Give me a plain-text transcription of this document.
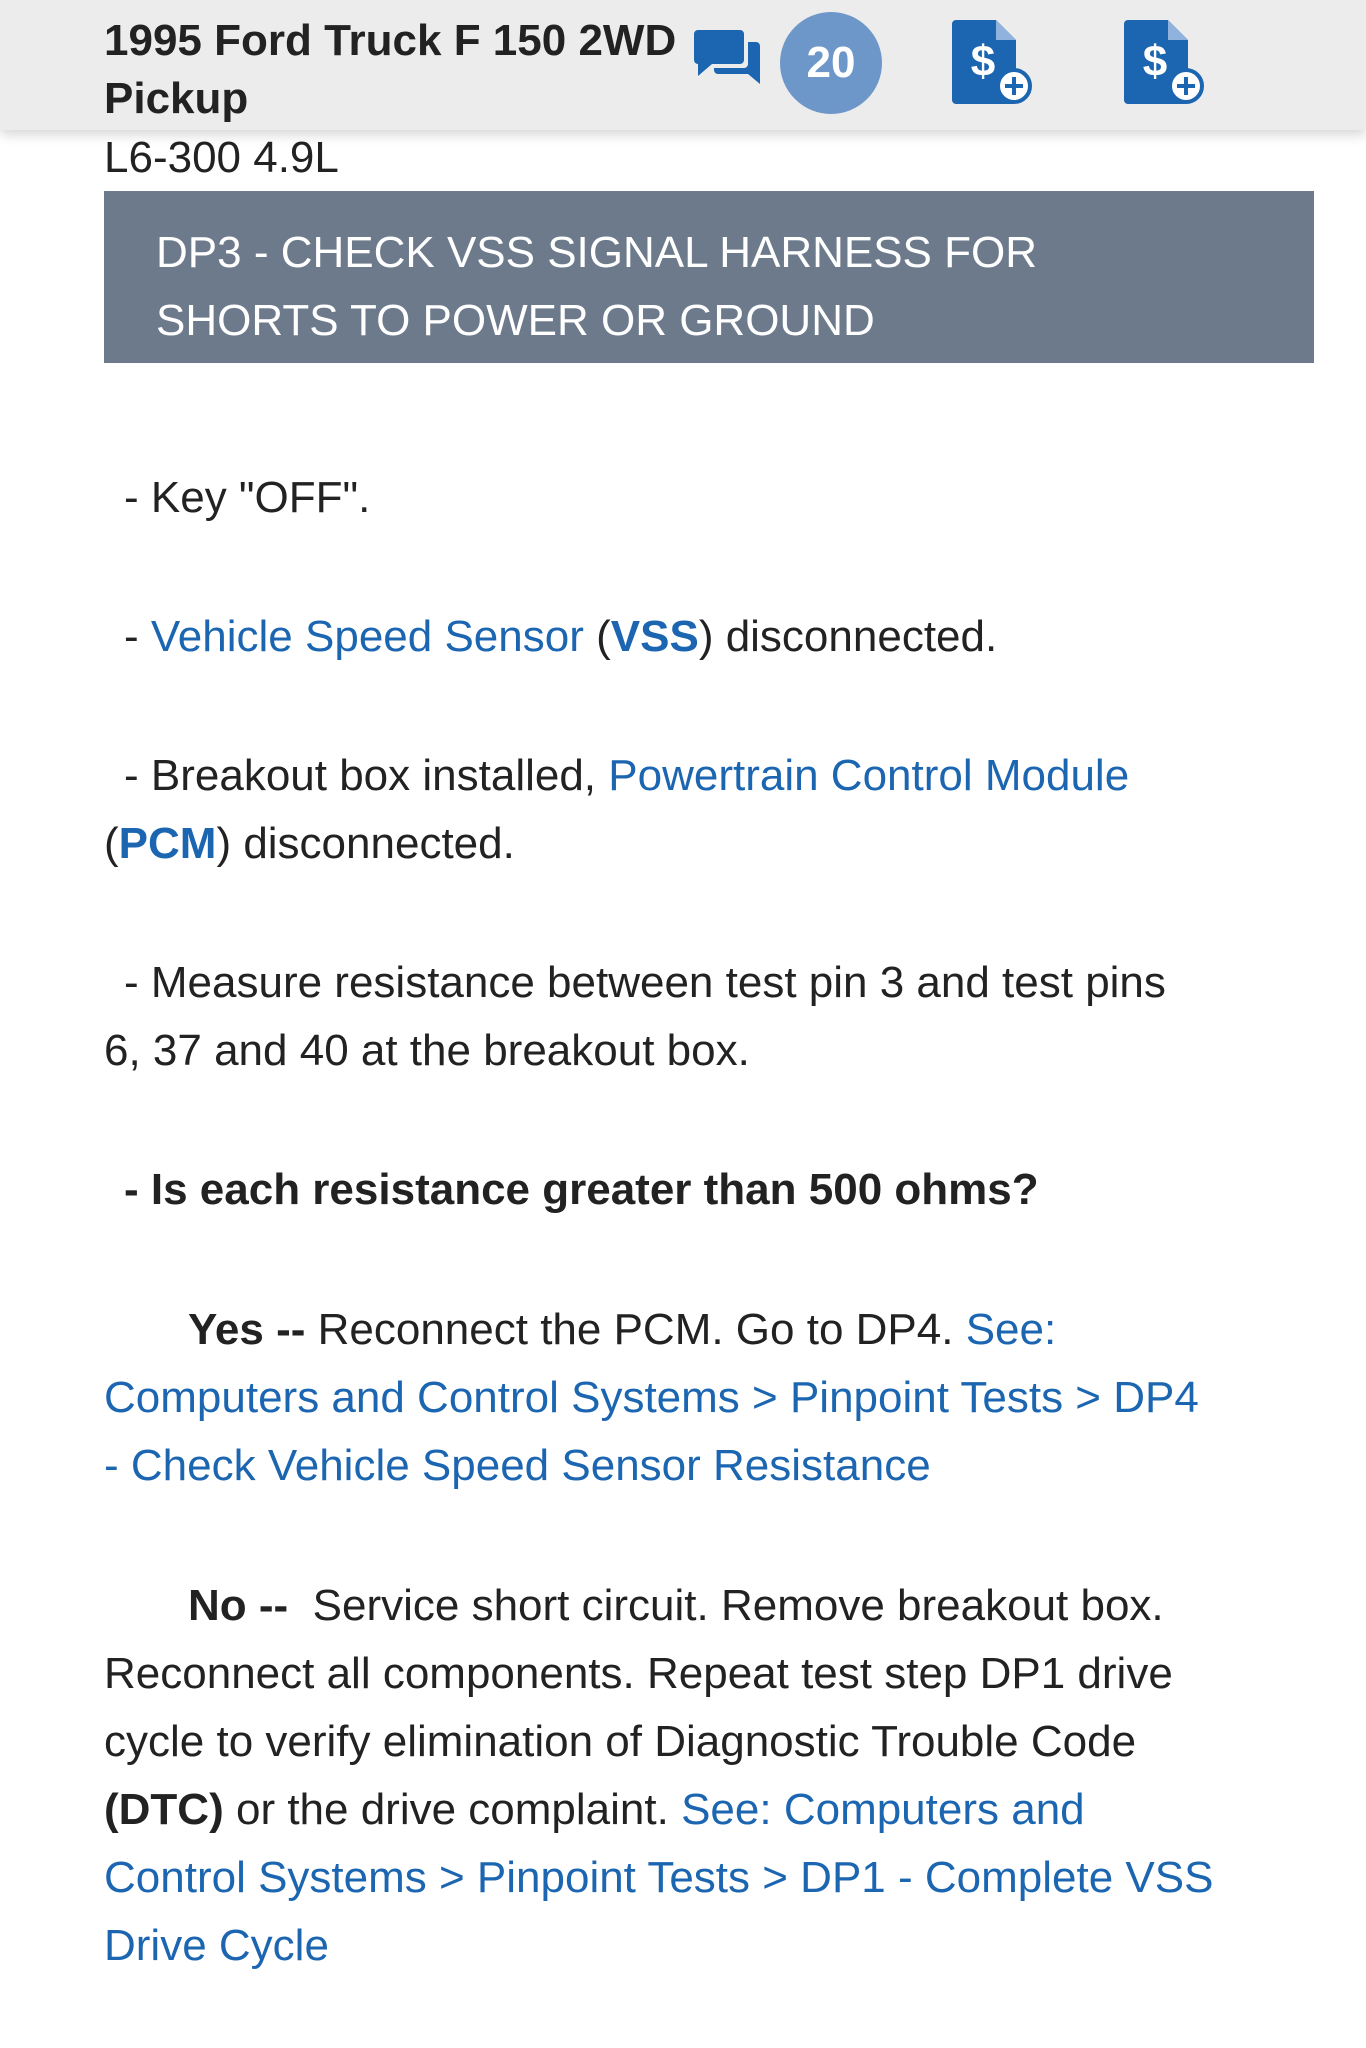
1995 Ford Truck F 150 2WD
Pickup

20	$	$

L6-300 4.9L

DP3 - CHECK VSS SIGNAL HARNESS FOR
SHORTS TO POWER OR GROUND

- Key "OFF".

- Vehicle Speed Sensor (VSS) disconnected.

- Breakout box installed, Powertrain Control Module
(PCM) disconnected.

- Measure resistance between test pin 3 and test pins
6, 37 and 40 at the breakout box.

- Is each resistance greater than 500 ohms?

Yes -- Reconnect the PCM. Go to DP4. See:
Computers and Control Systems > Pinpoint Tests > DP4
- Check Vehicle Speed Sensor Resistance

No --  Service short circuit. Remove breakout box.
Reconnect all components. Repeat test step DP1 drive
cycle to verify elimination of Diagnostic Trouble Code
(DTC) or the drive complaint. See: Computers and
Control Systems > Pinpoint Tests > DP1 - Complete VSS
Drive Cycle
